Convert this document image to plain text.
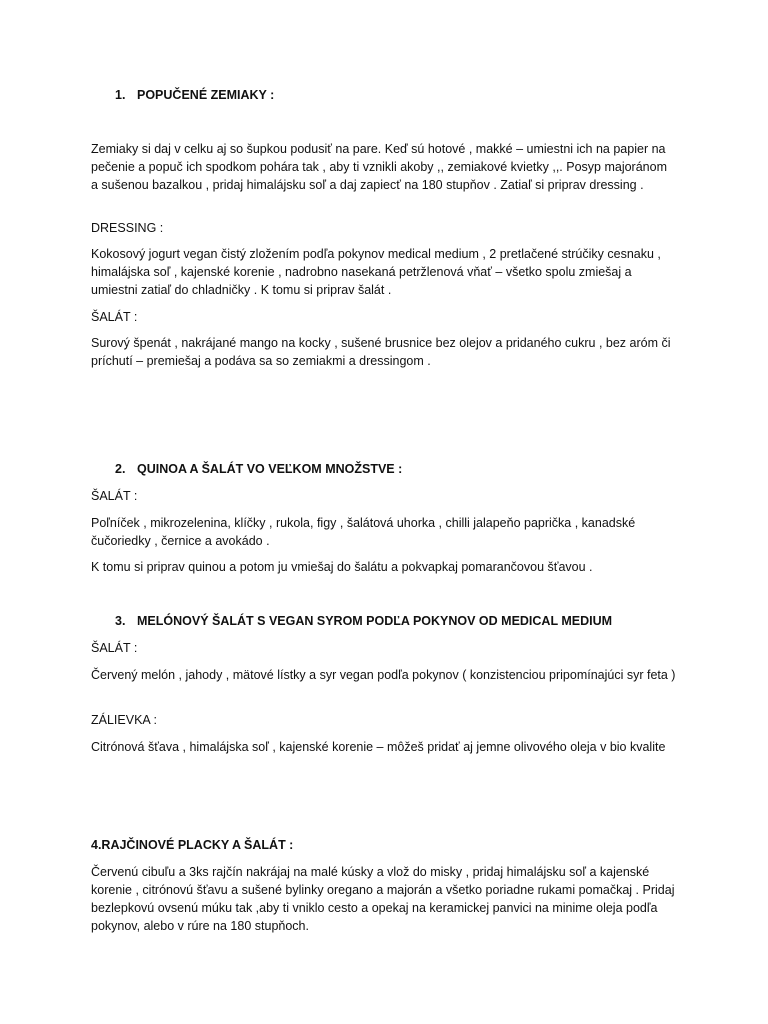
1. POPUČENÉ ZEMIAKY :

Zemiaky si daj v celku aj so šupkou podusiť na pare. Keď sú hotové , makké – umiestni ich na papier na pečenie a popuč ich spodkom pohára tak , aby ti vznikli akoby ,, zemiakové kvietky ,,. Posyp majoránom a sušenou bazalkou , pridaj himalájsku soľ a daj zapiecť na 180 stupňov . Zatiaľ si priprav dressing .

DRESSING :

Kokosový jogurt vegan čistý zložením podľa pokynov medical medium , 2 pretlačené strúčiky cesnaku , himalájska soľ , kajenské korenie , nadrobno nasekaná petržlenová vňať – všetko spolu zmiešaj a umiestni zatiaľ do chladničky . K tomu si priprav šalát .

ŠALÁT :

Surový špenát , nakrájané mango na kocky , sušené brusnice bez olejov a pridaného cukru , bez aróm či príchutí – premiešaj a podáva sa so zemiakmi a dressingom .

2. QUINOA A ŠALÁT VO VEĽKOM MNOŽSTVE :
ŠALÁT :

Poľníček , mikrozelenina, klíčky , rukola, figy , šalátová uhorka , chilli jalapeňo paprička , kanadské čučoriedky , černice a avokádo .

K tomu si priprav quinou a potom ju vmiešaj do šalátu a pokvapkaj pomarančovou šťavou .

3. MELÓNOVÝ ŠALÁT S VEGAN SYROM PODĽA POKYNOV OD MEDICAL MEDIUM
ŠALÁT :

Červený melón , jahody , mätové lístky a syr vegan podľa pokynov ( konzistenciou pripomínajúci syr feta )

ZÁLIEVKA :

Citrónová šťava , himalájska soľ , kajenské korenie – môžeš pridať aj jemne olivového oleja v bio kvalite

4.RAJČINOVÉ PLACKY A ŠALÁT :

Červenú cibuľu a 3ks rajčín nakrájaj na malé kúsky a vlož do misky , pridaj himalájsku soľ a kajenské korenie , citrónovú šťavu a sušené bylinky oregano a majorán a všetko poriadne rukami pomačkaj . Pridaj bezlepkovú ovsenú múku tak ,aby ti vniklo cesto a opekaj na keramickej panvici na minime oleja podľa pokynov, alebo v rúre na 180 stupňoch.
